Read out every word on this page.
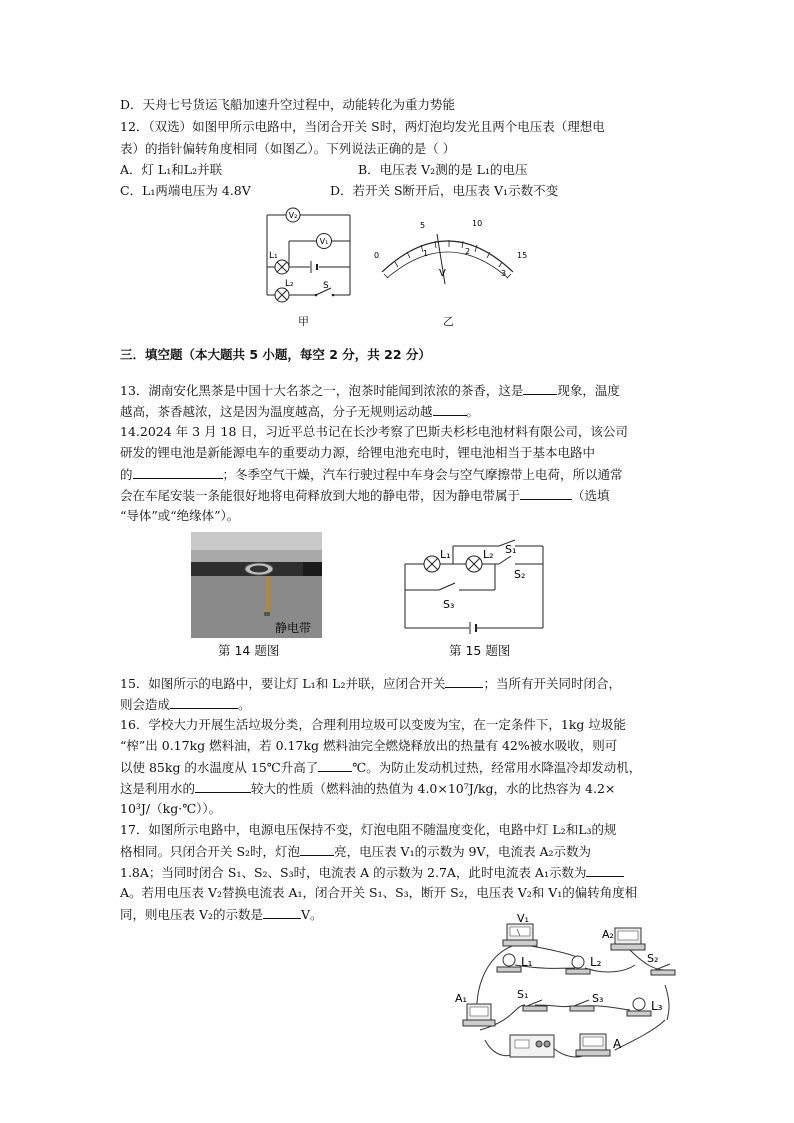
D．天舟七号货运飞船加速升空过程中，动能转化为重力势能
12．（双选）如图甲所示电路中，当闭合开关 S时，两灯泡均发光且两个电压表（理想电
表）的指针偏转角度相同（如图乙）。下列说法正确的是（ ）
A．灯 L₁和L₂并联	B．电压表 V₂测的是 L₁的电压
C．L₁两端电压为 4.8V	D．若开关 S断开后，电压表 V₁示数不变
V₂
V₁
L₁
L₂	S
甲
0
5	10
15
1	2
3
V
乙
三．填空题（本大题共 5 小题，每空 2 分，共 22 分）
13．湖南安化黑茶是中国十大名茶之一，泡茶时能闻到浓浓的茶香，这是	现象，温度
越高，茶香越浓，这是因为温度越高，分子无规则运动越	。
14.2024 年 3 月 18 日，习近平总书记在长沙考察了巴斯夫杉杉电池材料有限公司，该公司
研发的锂电池是新能源电车的重要动力源，给锂电池充电时，锂电池相当于基本电路中
的	；冬季空气干燥，汽车行驶过程中车身会与空气摩擦带上电荷，所以通常
会在车尾安装一条能很好地将电荷释放到大地的静电带，因为静电带属于	（选填
“导体”或“绝缘体”）。
静电带
第 14 题图
L₁	L₂ S₁
S₂
S₃
第 15 题图
15．如图所示的电路中，要让灯 L₁和 L₂并联，应闭合开关	；当所有开关同时闭合，
则会造成	。
16．学校大力开展生活垃圾分类，合理利用垃圾可以变废为宝，在一定条件下，1kg 垃圾能
“榨”出 0.17kg 燃料油，若 0.17kg 燃料油完全燃烧释放出的热量有 42%被水吸收，则可
以使 85kg 的水温度从 15℃升高了	℃。为防止发动机过热，经常用水降温冷却发动机，
这是利用水的	较大的性质（燃料油的热值为 4.0×10⁷J/kg，水的比热容为 4.2×
10³J/（kg·℃））。
17．如图所示电路中，电源电压保持不变，灯泡电阻不随温度变化，电路中灯 L₂和L₃的规
格相同。只闭合开关 S₂时，灯泡	亮，电压表 V₁的示数为 9V，电流表 A₂示数为
1.8A；当同时闭合 S₁、S₂、S₃时，电流表 A 的示数为 2.7A，此时电流表 A₁示数为
A。若用电压表 V₂替换电流表 A₁，闭合开关 S₁、S₃，断开 S₂，电压表 V₂和 V₁的偏转角度相
同，则电压表 V₂的示数是	V。	V₁
A₂
L₁	L₂	S₂
A₁	S₁	S₃
L₃
A
